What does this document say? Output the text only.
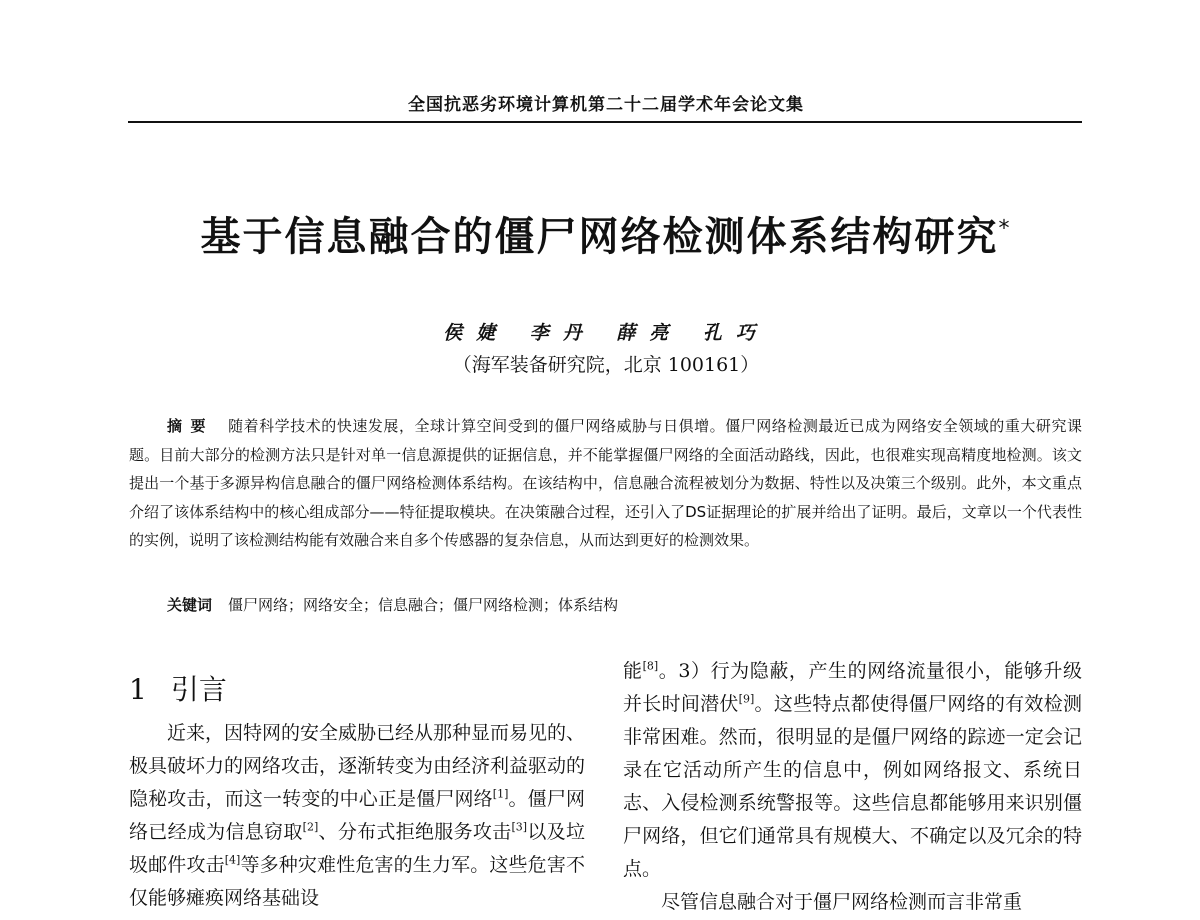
全国抗恶劣环境计算机第二十二届学术年会论文集
基于信息融合的僵尸网络检测体系结构研究*
侯婕 李丹 薛亮 孔巧
（海军装备研究院，北京 100161）
摘要 随着科学技术的快速发展，全球计算空间受到的僵尸网络威胁与日俱增。僵尸网络检测最近已成为网络安全领域的重大研究课题。目前大部分的检测方法只是针对单一信息源提供的证据信息，并不能掌握僵尸网络的全面活动路线，因此，也很难实现高精度地检测。该文提出一个基于多源异构信息融合的僵尸网络检测体系结构。在该结构中，信息融合流程被划分为数据、特性以及决策三个级别。此外，本文重点介绍了该体系结构中的核心组成部分——特征提取模块。在决策融合过程，还引入了DS证据理论的扩展并给出了证明。最后，文章以一个代表性的实例，说明了该检测结构能有效融合来自多个传感器的复杂信息，从而达到更好的检测效果。
关键词 僵尸网络；网络安全；信息融合；僵尸网络检测；体系结构
1 引言

近来，因特网的安全威胁已经从那种显而易见的、极具破坏力的网络攻击，逐渐转变为由经济利益驱动的隐秘攻击，而这一转变的中心正是僵尸网络[1]。僵尸网络已经成为信息窃取[2]、分布式拒绝服务攻击[3]以及垃圾邮件攻击[4]等多种灾难性危害的生力军。这些危害不仅能够瘫痪网络基础设

能[8]。3）行为隐蔽，产生的网络流量很小，能够升级并长时间潜伏[9]。这些特点都使得僵尸网络的有效检测非常困难。然而，很明显的是僵尸网络的踪迹一定会记录在它活动所产生的信息中，例如网络报文、系统日志、入侵检测系统警报等。这些信息都能够用来识别僵尸网络，但它们通常具有规模大、不确定以及冗余的特点。

尽管信息融合对于僵尸网络检测而言非常重
